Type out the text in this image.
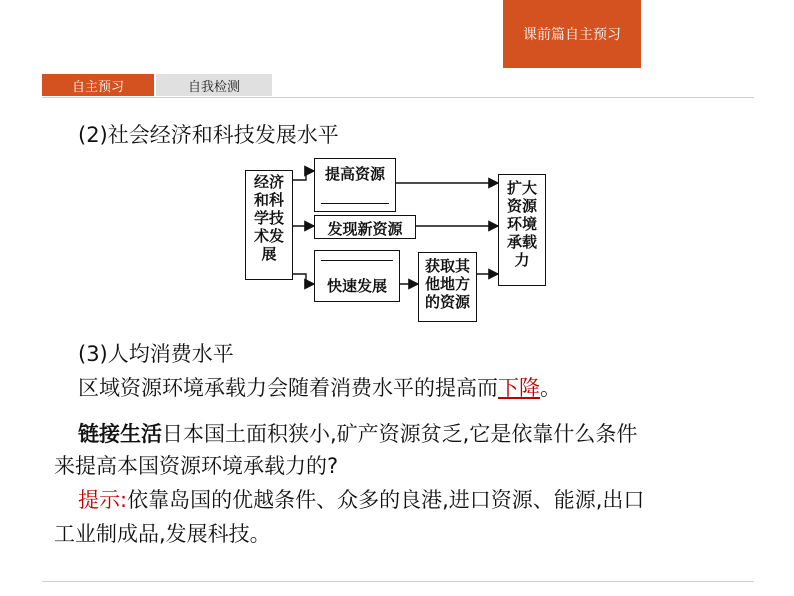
课前篇自主预习
自主预习	自我检测
(2)社会经济和科技发展水平
经济
和科
学技
术发
展
提高资源
发现新资源
快速发展
获取其
他地方
的资源
扩大
资源
环境
承载
力
(3)人均消费水平
区域资源环境承载力会随着消费水平的提高而下降。
链接生活日本国土面积狭小,矿产资源贫乏,它是依靠什么条件
来提高本国资源环境承载力的?
提示:依靠岛国的优越条件、众多的良港,进口资源、能源,出口
工业制成品,发展科技。
